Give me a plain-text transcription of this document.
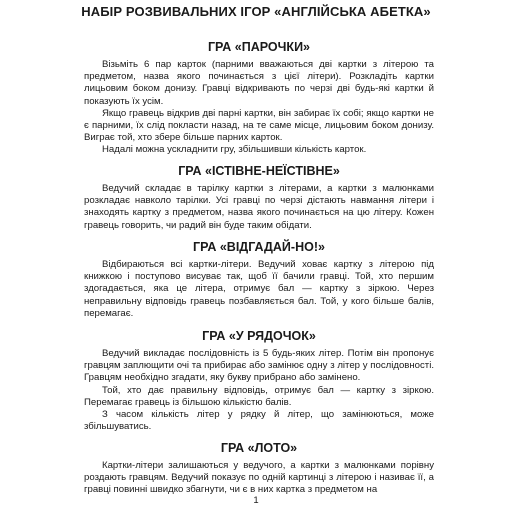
НАБІР РОЗВИВАЛЬНИХ ІГОР «АНГЛІЙСЬКА АБЕТКА»
ГРА «ПАРОЧКИ»

Візьміть 6 пар карток (парними вважаються дві картки з літерою та предметом, назва якого починається з цієї літери). Розкладіть картки лицьовим боком донизу. Гравці відкривають по черзі дві будь-які картки й показують їх усім.

Якщо гравець відкрив дві парні картки, він забирає їх собі; якщо картки не є парними, їх слід покласти назад, на те саме місце, лицьовим боком донизу. Виграє той, хто збере більше парних карток.

Надалі можна ускладнити гру, збільшивши кількість карток.

ГРА «ІСТІВНЕ-НЕЇСТІВНЕ»

Ведучий складає в тарілку картки з літерами, а картки з малюнками розкладає навколо тарілки. Усі гравці по черзі дістають навмання літери і знаходять картку з предметом, назва якого починається на цю літеру. Кожен гравець говорить, чи радий він буде таким обідати.

ГРА «ВІДГАДАЙ-НО!»

Відбираються всі картки-літери. Ведучий ховає картку з літерою під книжкою і поступово висуває так, щоб її бачили гравці. Той, хто першим здогадається, яка це літера, отримує бал — картку з зіркою. Через неправильну відповідь гравець позбавляється бал. Той, у кого більше балів, перемагає.

ГРА «У РЯДОЧОК»

Ведучий викладає послідовність із 5 будь-яких літер. Потім він пропонує гравцям заплющити очі та прибирає або замінює одну з літер у послідовності. Гравцям необхідно згадати, яку букву прибрано або замінено.

Той, хто дає правильну відповідь, отримує бал — картку з зіркою. Перемагає гравець із більшою кількістю балів.

З часом кількість літер у рядку й літер, що замінюються, може збільшуватись.

ГРА «ЛОТО»

Картки-літери залишаються у ведучого, а картки з малюнками порівну роздають гравцям. Ведучий показує по одній картинці з літерою і називає її, а гравці повинні швидко збагнути, чи є в них картка з предметом на

1
